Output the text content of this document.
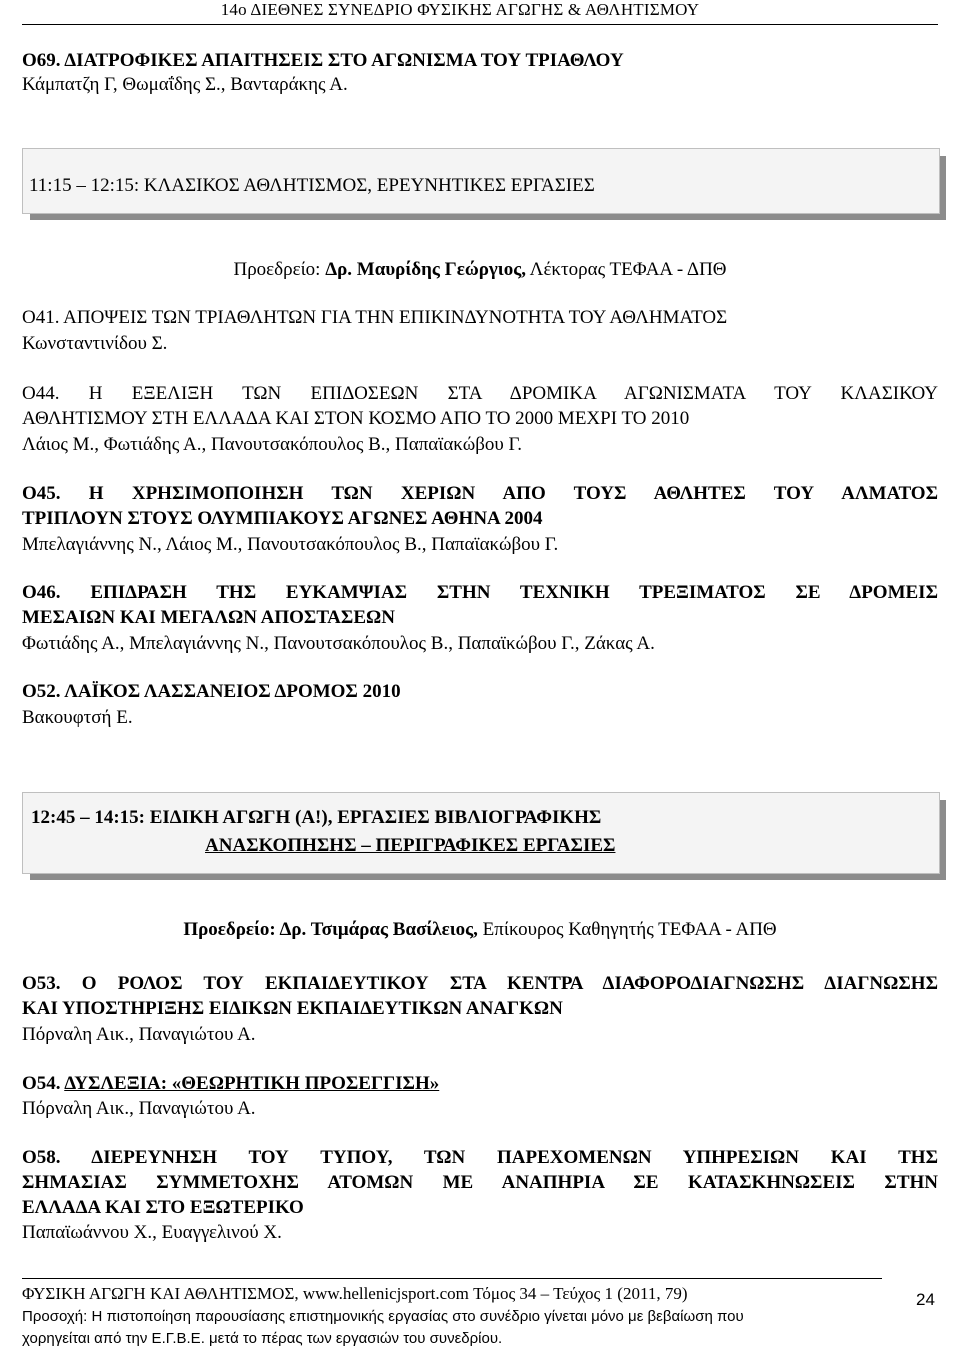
14ο ΔΙΕΘΝΕΣ ΣΥΝΕΔΡΙΟ ΦΥΣΙΚΗΣ ΑΓΩΓΗΣ & ΑΘΛΗΤΙΣΜΟΥ
Ο69. ΔΙΑΤΡΟΦΙΚΕΣ ΑΠΑΙΤΗΣΕΙΣ ΣΤΟ ΑΓΩΝΙΣΜΑ ΤΟΥ ΤΡΙΑΘΛΟΥ
Κάμπατζη Γ, Θωμαΐδης Σ., Βανταράκης Α.
11:15 – 12:15: ΚΛΑΣΙΚΟΣ ΑΘΛΗΤΙΣΜΟΣ, ΕΡΕΥΝΗΤΙΚΕΣ ΕΡΓΑΣΙΕΣ
Προεδρείο: Δρ. Μαυρίδης Γεώργιος, Λέκτορας ΤΕΦΑΑ - ΔΠΘ
Ο41. ΑΠΟΨΕΙΣ ΤΩΝ ΤΡΙΑΘΛΗΤΩΝ ΓΙΑ ΤΗΝ ΕΠΙΚΙΝΔΥΝΟΤΗΤΑ ΤΟΥ ΑΘΛΗΜΑΤΟΣ
Κωνσταντινίδου Σ.
Ο44. Η ΕΞΕΛΙΞΗ ΤΩΝ ΕΠΙΔΟΣΕΩΝ ΣΤΑ ΔΡΟΜΙΚΑ ΑΓΩΝΙΣΜΑΤΑ ΤΟΥ ΚΛΑΣΙΚΟΥ
ΑΘΛΗΤΙΣΜΟΥ ΣΤΗ ΕΛΛΑΔΑ ΚΑΙ ΣΤΟΝ ΚΟΣΜΟ ΑΠΟ ΤΟ 2000 ΜΕΧΡΙ ΤΟ 2010
Λάιος Μ., Φωτιάδης Α., Πανουτσακόπουλος Β., Παπαϊακώβου Γ.
Ο45. Η ΧΡΗΣΙΜΟΠΟΙΗΣΗ ΤΩΝ ΧΕΡΙΩΝ ΑΠΟ ΤΟΥΣ ΑΘΛΗΤΕΣ ΤΟΥ ΑΛΜΑΤΟΣ
ΤΡΙΠΛΟΥΝ ΣΤΟΥΣ ΟΛΥΜΠΙΑΚΟΥΣ ΑΓΩΝΕΣ ΑΘΗΝΑ 2004
Μπελαγιάννης Ν., Λάιος Μ., Πανουτσακόπουλος Β., Παπαϊακώβου Γ.
Ο46. ΕΠΙΔΡΑΣΗ ΤΗΣ ΕΥΚΑΜΨΙΑΣ ΣΤΗΝ ΤΕΧΝΙΚΗ ΤΡΕΞΙΜΑΤΟΣ ΣΕ ΔΡΟΜΕΙΣ
ΜΕΣΑΙΩΝ ΚΑΙ ΜΕΓΑΛΩΝ ΑΠΟΣΤΑΣΕΩΝ
Φωτιάδης Α., Μπελαγιάννης Ν., Πανουτσακόπουλος Β., Παπαϊκώβου Γ., Ζάκας Α.
Ο52. ΛΑΪΚΟΣ ΛΑΣΣΑΝΕΙΟΣ ΔΡΟΜΟΣ 2010
Βακουφτσή Ε.
12:45 – 14:15: ΕΙΔΙΚΗ ΑΓΩΓΗ (Α!), ΕΡΓΑΣΙΕΣ ΒΙΒΛΙΟΓΡΑΦΙΚΗΣ
ΑΝΑΣΚΟΠΗΣΗΣ – ΠΕΡΙΓΡΑΦΙΚΕΣ ΕΡΓΑΣΙΕΣ
Προεδρείο: Δρ. Τσιμάρας Βασίλειος, Επίκουρος Καθηγητής ΤΕΦΑΑ - ΑΠΘ
Ο53. Ο ΡΟΛΟΣ ΤΟΥ ΕΚΠΑΙΔΕΥΤΙΚΟΥ ΣΤΑ ΚΕΝΤΡΑ ΔΙΑΦΟΡΟΔΙΑΓΝΩΣΗΣ ΔΙΑΓΝΩΣΗΣ
ΚΑΙ ΥΠΟΣΤΗΡΙΞΗΣ ΕΙΔΙΚΩΝ ΕΚΠΑΙΔΕΥΤΙΚΩΝ ΑΝΑΓΚΩΝ
Πόρναλη Αικ., Παναγιώτου Α.
Ο54. ΔΥΣΛΕΞΙΑ: «ΘΕΩΡΗΤΙΚΗ ΠΡΟΣΕΓΓΙΣΗ»
Πόρναλη Αικ., Παναγιώτου Α.
Ο58. ΔΙΕΡΕΥΝΗΣΗ ΤΟΥ ΤΥΠΟΥ, ΤΩΝ ΠΑΡΕΧΟΜΕΝΩΝ ΥΠΗΡΕΣΙΩΝ ΚΑΙ ΤΗΣ
ΣΗΜΑΣΙΑΣ ΣΥΜΜΕΤΟΧΗΣ ΑΤΟΜΩΝ ΜΕ ΑΝΑΠΗΡΙΑ ΣΕ ΚΑΤΑΣΚΗΝΩΣΕΙΣ ΣΤΗΝ
ΕΛΛΑΔΑ ΚΑΙ ΣΤΟ ΕΞΩΤΕΡΙΚΟ
Παπαϊωάννου Χ., Ευαγγελινού Χ.
ΦΥΣΙΚΗ ΑΓΩΓΗ ΚΑΙ ΑΘΛΗΤΙΣΜΟΣ, www.hellenicjsport.com Τόμος 34 – Τεύχος 1 (2011, 79)
Προσοχή: Η πιστοποίηση παρουσίασης επιστημονικής εργασίας στο συνέδριο γίνεται μόνο με βεβαίωση που
χορηγείται από την Ε.Γ.Β.Ε. μετά το πέρας των εργασιών του συνεδρίου.
24
